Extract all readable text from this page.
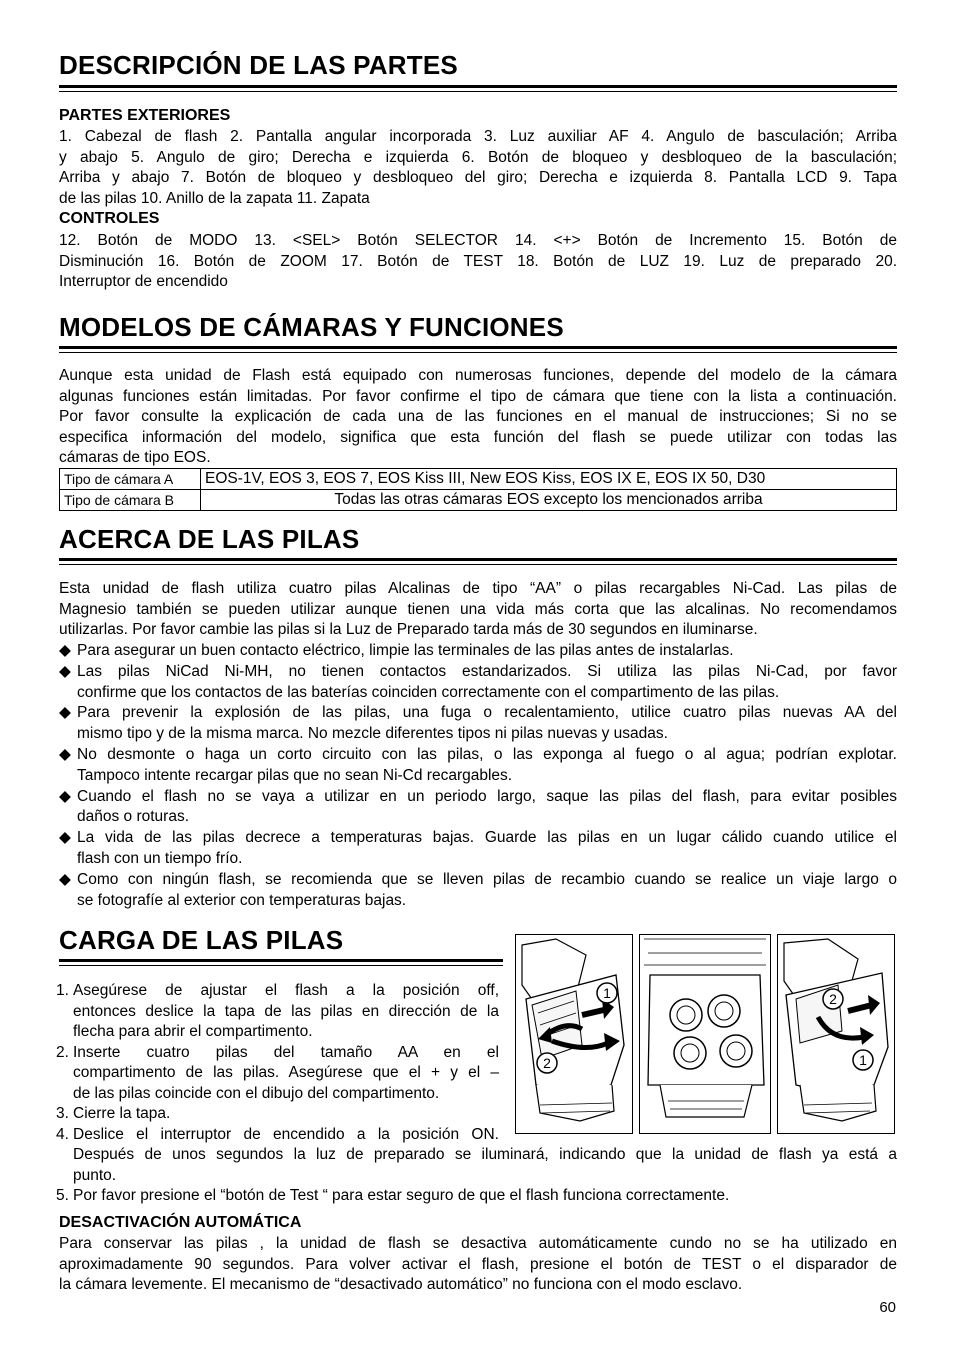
DESCRIPCIÓN DE LAS PARTES
PARTES EXTERIORES
1. Cabezal de flash 2. Pantalla angular incorporada 3. Luz auxiliar AF 4. Angulo de basculación; Arriba
y abajo 5. Angulo de giro; Derecha e izquierda 6. Botón de bloqueo y desbloqueo de la basculación;
Arriba y abajo 7. Botón de bloqueo y desbloqueo del giro; Derecha e izquierda 8. Pantalla LCD 9. Tapa
de las pilas 10. Anillo de la zapata 11. Zapata
CONTROLES
12. Botón de MODO 13. <SEL> Botón SELECTOR 14. <+> Botón de Incremento 15. Botón de
Disminución 16. Botón de ZOOM 17. Botón de TEST 18. Botón de LUZ 19. Luz de preparado 20.
Interruptor de encendido
MODELOS DE CÁMARAS Y FUNCIONES
Aunque esta unidad de Flash está equipado con numerosas funciones, depende del modelo de la cámara
algunas funciones están limitadas. Por favor confirme el tipo de cámara que tiene con la lista a continuación.
Por favor consulte la explicación de cada una de las funciones en el manual de instrucciones; Si no se
especifica información del modelo, significa que esta función del flash se puede utilizar con todas las
cámaras de tipo EOS.
Tipo de cámara A	EOS-1V, EOS 3, EOS 7, EOS Kiss III, New EOS Kiss, EOS IX E, EOS IX 50, D30
Tipo de cámara B	Todas las otras cámaras EOS excepto los mencionados arriba
ACERCA DE LAS PILAS
Esta unidad de flash utiliza cuatro pilas Alcalinas de tipo “AA” o pilas recargables Ni-Cad. Las pilas de
Magnesio también se pueden utilizar aunque tienen una vida más corta que las alcalinas. No recomendamos
utilizarlas. Por favor cambie las pilas si la Luz de Preparado tarda más de 30 segundos en iluminarse.
◆ Para asegurar un buen contacto eléctrico, limpie las terminales de las pilas antes de instalarlas.
◆ Las pilas NiCad Ni-MH, no tienen contactos estandarizados. Si utiliza las pilas Ni-Cad, por favor
confirme que los contactos de las baterías coinciden correctamente con el compartimento de las pilas.
◆ Para prevenir la explosión de las pilas, una fuga o recalentamiento, utilice cuatro pilas nuevas AA del
mismo tipo y de la misma marca. No mezcle diferentes tipos ni pilas nuevas y usadas.
◆ No desmonte o haga un corto circuito con las pilas, o las exponga al fuego o al agua; podrían explotar.
Tampoco intente recargar pilas que no sean Ni-Cd recargables.
◆ Cuando el flash no se vaya a utilizar en un periodo largo, saque las pilas del flash, para evitar posibles
daños o roturas.
◆ La vida de las pilas decrece a temperaturas bajas. Guarde las pilas en un lugar cálido cuando utilice el
flash con un tiempo frío.
◆ Como con ningún flash, se recomienda que se lleven pilas de recambio cuando se realice un viaje largo o
se fotografíe al exterior con temperaturas bajas.
CARGA DE LAS PILAS
1. Asegúrese de ajustar el flash a la posición off,
entonces deslice la tapa de las pilas en dirección de la
flecha para abrir el compartimento.
2. Inserte cuatro pilas del tamaño AA en el
compartimento de las pilas. Asegúrese que el + y el –
de las pilas coincide con el dibujo del compartimento.
3. Cierre la tapa.
4. Deslice el interruptor de encendido a la posición ON.
Después de unos segundos la luz de preparado se iluminará, indicando que la unidad de flash ya está a
punto.
5. Por favor presione el “botón de Test “ para estar seguro de que el flash funciona correctamente.
1
2
2
1
DESACTIVACIÓN AUTOMÁTICA
Para conservar las pilas , la unidad de flash se desactiva automáticamente cundo no se ha utilizado en
aproximadamente 90 segundos. Para volver activar el flash, presione el botón de TEST o el disparador de
la cámara levemente. El mecanismo de “desactivado automático” no funciona con el modo esclavo.
60
